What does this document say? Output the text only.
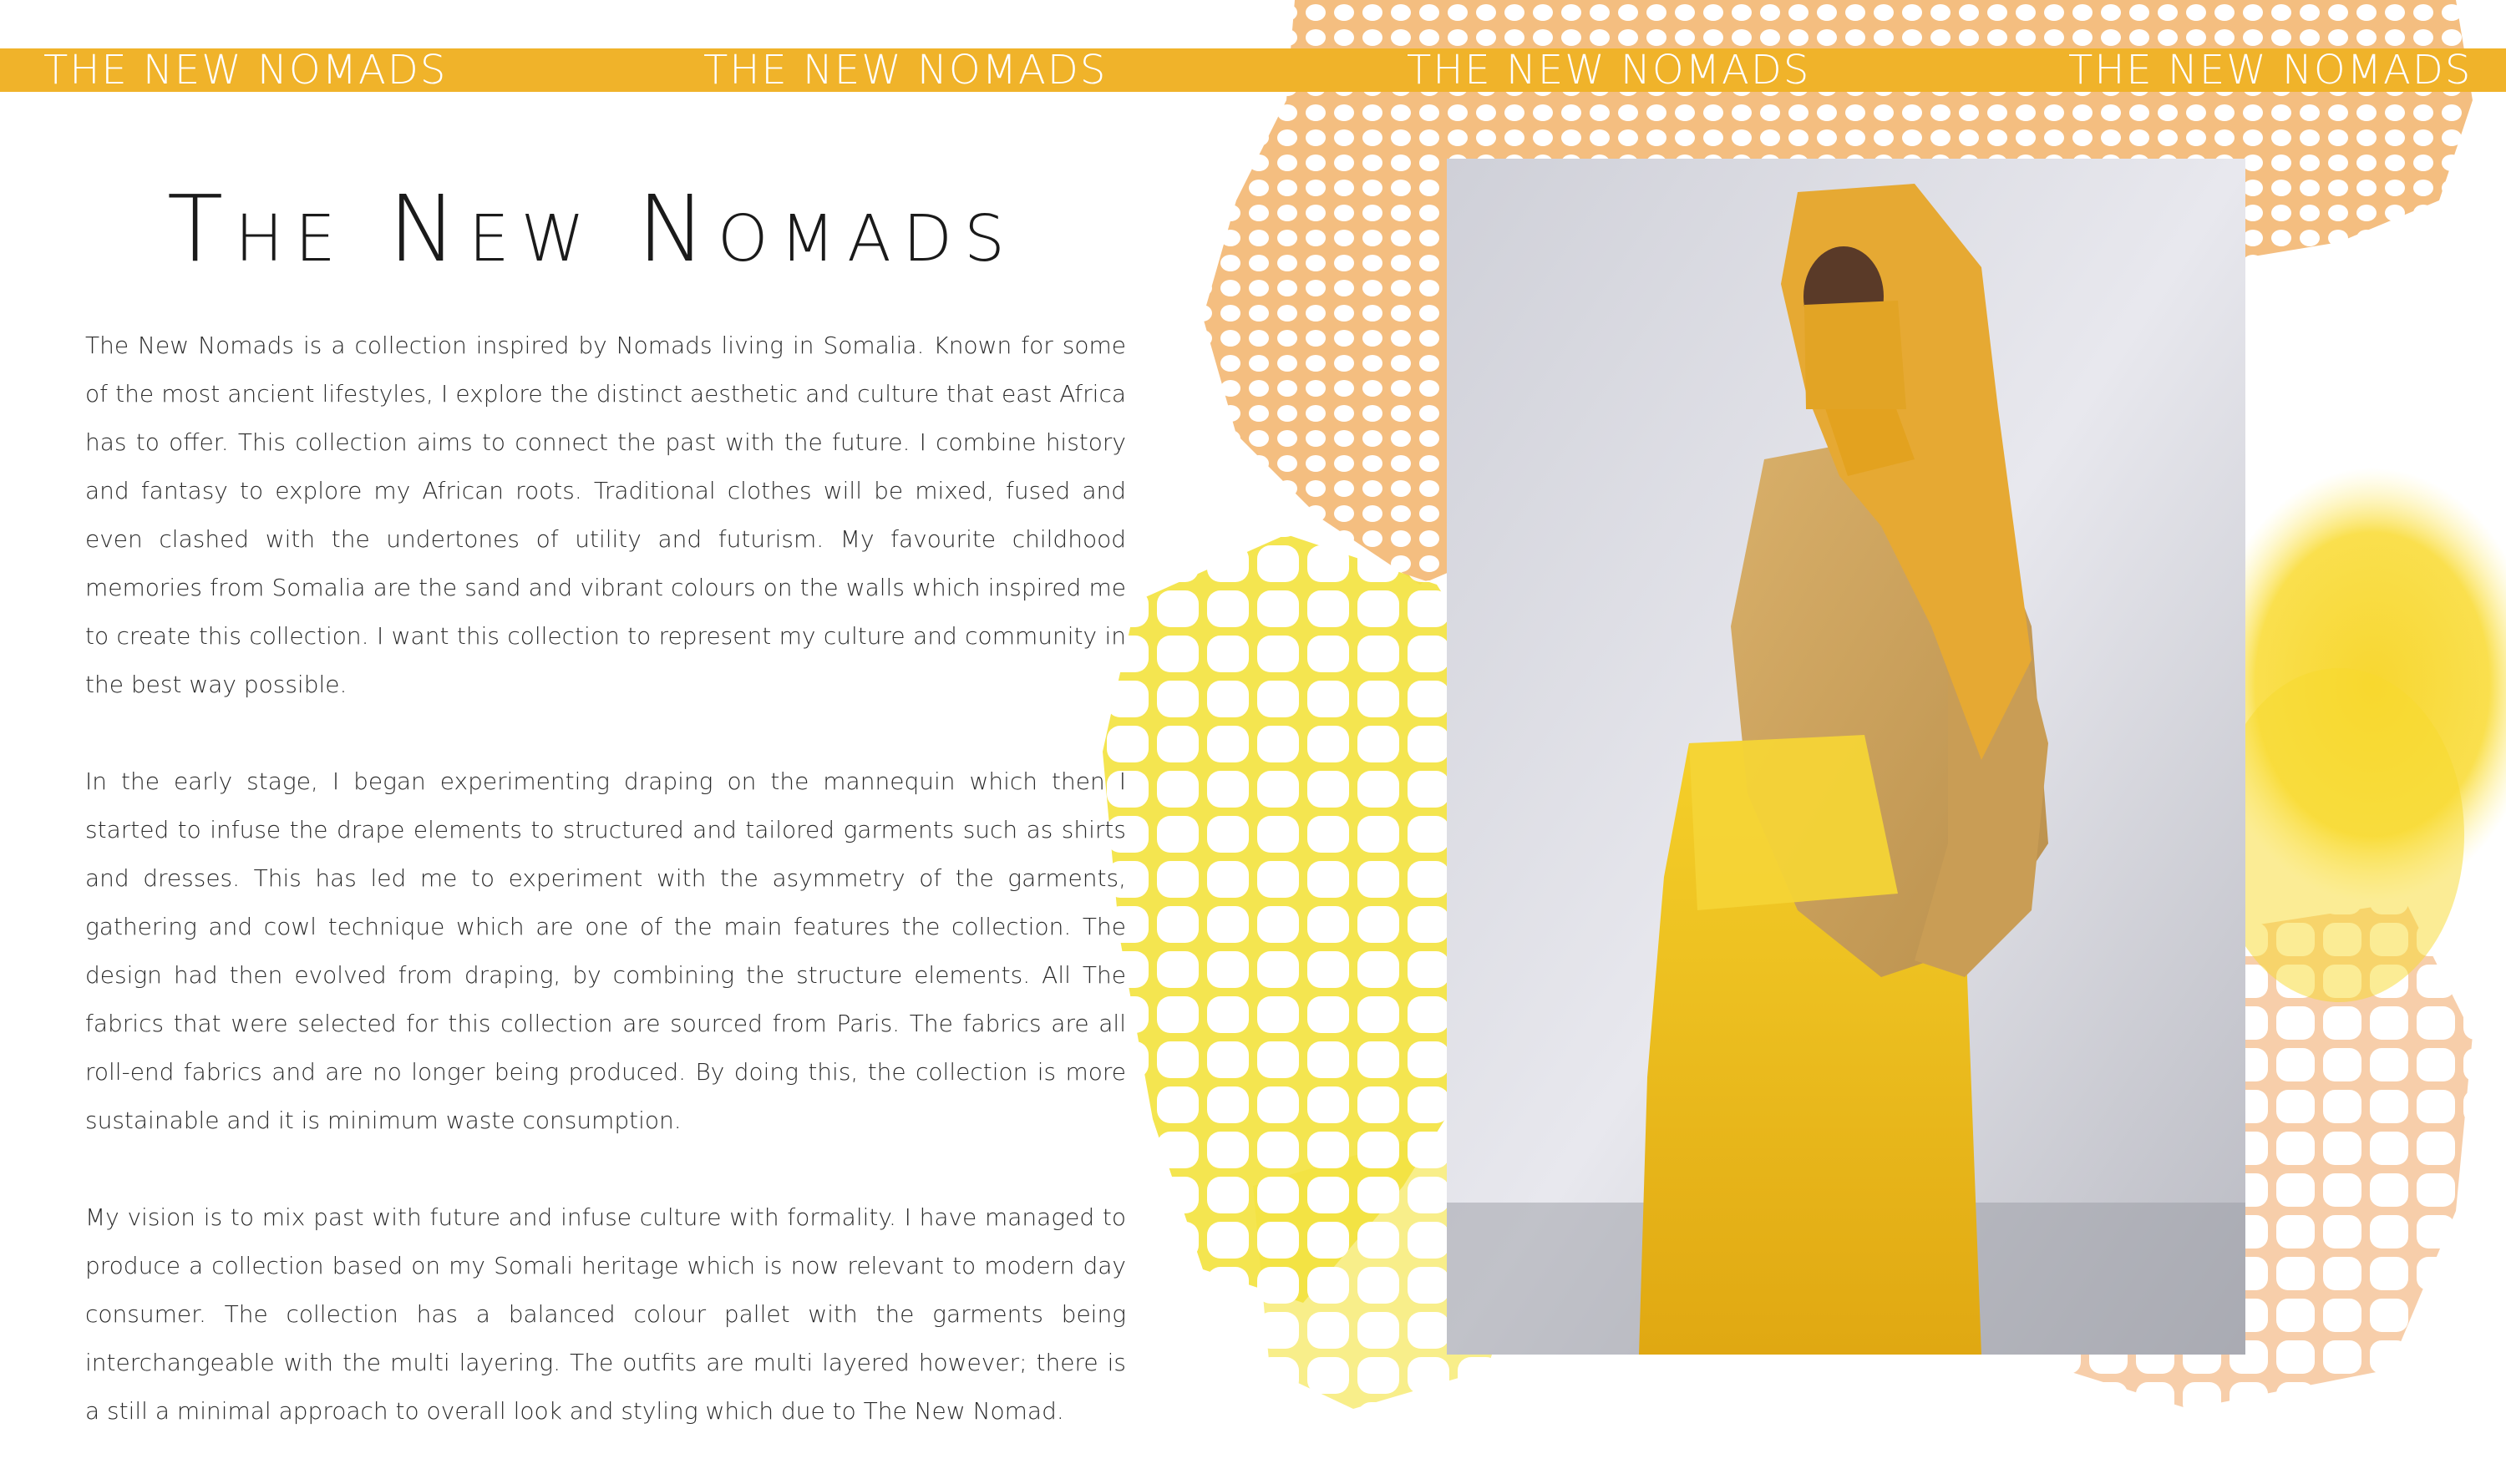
THE NEW NOMADS	THE NEW NOMADS	THE NEW NOMADS	THE NEW NOMADS
The New Nomads

The New Nomads is a collection inspired by Nomads living in Somalia. Known for some of the most ancient lifestyles, I explore the distinct aesthetic and culture that east Africa has to offer. This collection aims to connect the past with the future. I combine history and fantasy to explore my African roots. Traditional clothes will be mixed, fused and even clashed with the undertones of utility and futurism. My favourite childhood memories from Somalia are the sand and vibrant colours on the walls which inspired me to create this collection. I want this collection to represent my culture and community in the best way possible.

In the early stage, I began experimenting draping on the mannequin which then I started to infuse the drape elements to structured and tailored garments such as shirts and dresses. This has led me to experiment with the asymmetry of the garments, gathering and cowl technique which are one of the main features the collection. The design had then evolved from draping, by combining the structure elements. All The fabrics that were selected for this collection are sourced from Paris. The fabrics are all roll-end fabrics and are no longer being produced. By doing this, the collection is more sustainable and it is minimum waste consumption.

My vision is to mix past with future and infuse culture with formality. I have managed to produce a collection based on my Somali heritage which is now relevant to modern day consumer. The collection has a balanced colour pallet with the garments being interchangeable with the multi layering. The outfits are multi layered however; there is a still a minimal approach to overall look and styling which due to The New Nomad.
